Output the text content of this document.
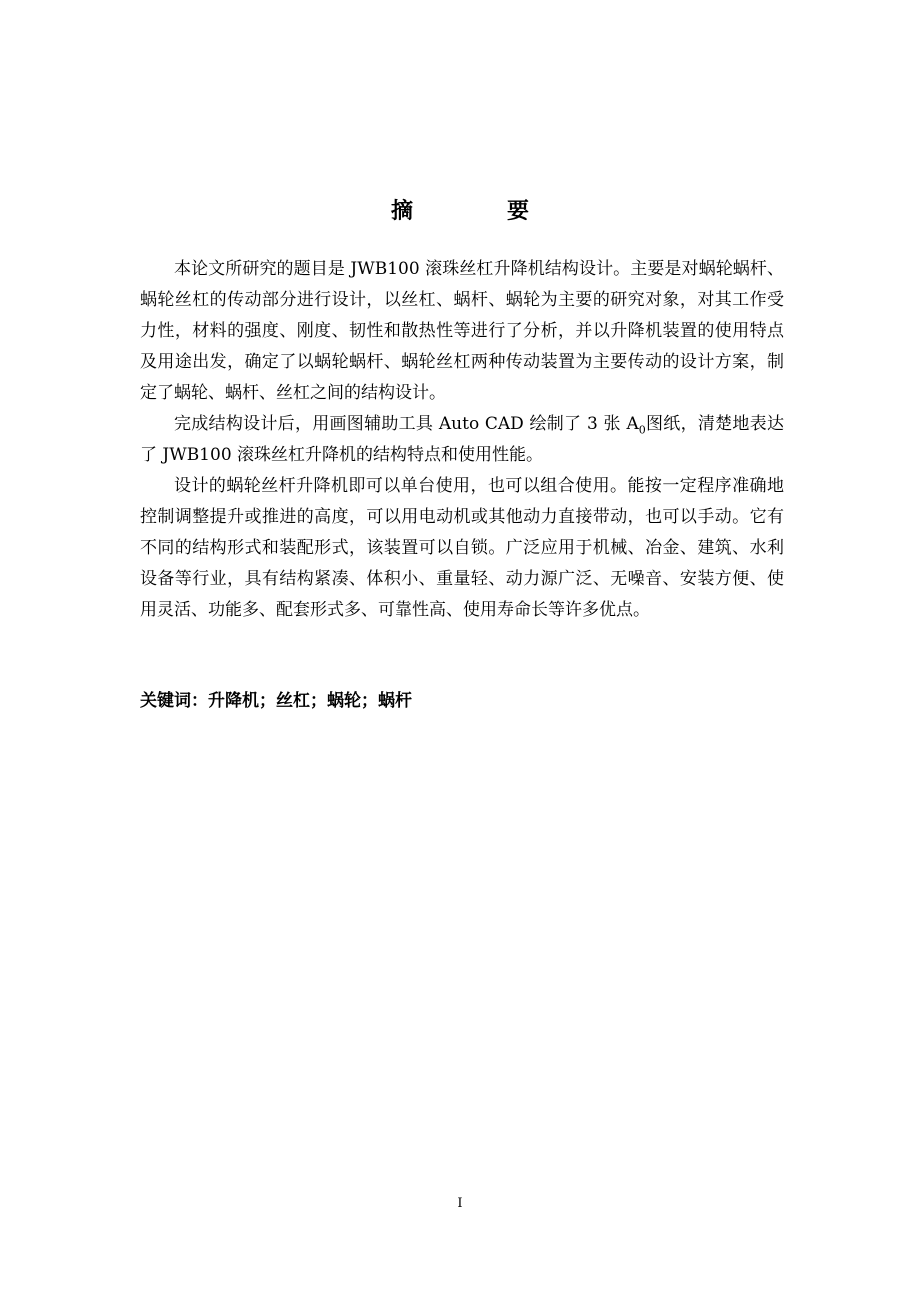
摘　要

本论文所研究的题目是 JWB100 滚珠丝杠升降机结构设计。主要是对蜗轮蜗杆、蜗轮丝杠的传动部分进行设计，以丝杠、蜗杆、蜗轮为主要的研究对象，对其工作受力性，材料的强度、刚度、韧性和散热性等进行了分析，并以升降机装置的使用特点及用途出发，确定了以蜗轮蜗杆、蜗轮丝杠两种传动装置为主要传动的设计方案，制定了蜗轮、蜗杆、丝杠之间的结构设计。

完成结构设计后，用画图辅助工具 Auto CAD 绘制了 3 张 $A_0$图纸，清楚地表达了 JWB100 滚珠丝杠升降机的结构特点和使用性能。

设计的蜗轮丝杆升降机即可以单台使用，也可以组合使用。能按一定程序准确地控制调整提升或推进的高度，可以用电动机或其他动力直接带动，也可以手动。它有不同的结构形式和装配形式，该装置可以自锁。广泛应用于机械、冶金、建筑、水利设备等行业，具有结构紧凑、体积小、重量轻、动力源广泛、无噪音、安装方便、使用灵活、功能多、配套形式多、可靠性高、使用寿命长等许多优点。

关键词：升降机；丝杠；蜗轮；蜗杆
I
